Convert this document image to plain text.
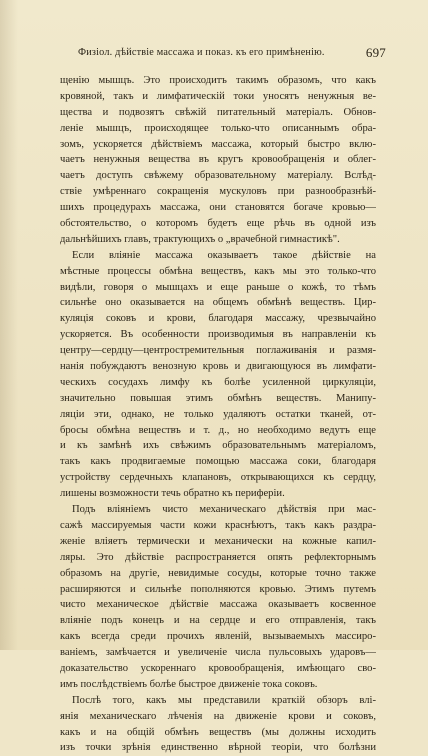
Физіол. дѣйствіе массажа и показ. къ его примѣненію.	697
щенію мышцъ. Это происходитъ такимъ образомъ, что какъ
кровяной, такъ и лимфатическій токи уносятъ ненужныя ве-
щества и подвозятъ свѣжій питательный матеріалъ. Обнов-
леніе мышцъ, происходящее только-что описаннымъ обра-
зомъ, ускоряется дѣйствіемъ массажа, который быстро вклю-
чаетъ ненужныя вещества въ кругъ кровообращенія и облег-
чаетъ доступъ свѣжему образовательному матеріалу. Вслѣд-
ствіе умѣреннаго сокращенія мускуловъ при разнообразнѣй-
шихъ процедурахъ массажа, они становятся богаче кровью—
обстоятельство, о которомъ будетъ еще рѣчь въ одной изъ
дальнѣйшихъ главъ, трактующихъ о „врачебной гимнастикѣ".
Если вліяніе массажа оказываетъ такое дѣйствіе на
мѣстные процессы обмѣна веществъ, какъ мы это только-что
видѣли, говоря о мышцахъ и еще раньше о кожѣ, то тѣмъ
сильнѣе оно оказывается на общемъ обмѣнѣ веществъ. Цир-
куляція соковъ и крови, благодаря массажу, чрезвычайно
ускоряется. Въ особенности производимыя въ направленіи къ
центру—сердцу—центростремительныя поглаживанія и размя-
нанія побуждаютъ венозную кровь и двигающуюся въ лимфати-
ческихъ сосудахъ лимфу къ болѣе усиленной циркуляціи,
значительно повышая этимъ обмѣнъ веществъ. Манипу-
ляціи эти, однако, не только удаляютъ остатки тканей, от-
бросы обмѣна веществъ и т. д., но необходимо ведутъ еще
и къ замѣнѣ ихъ свѣжимъ образовательнымъ матеріаломъ,
такъ какъ продвигаемые помощью массажа соки, благодаря
устройству сердечныхъ клапановъ, открывающихся къ сердцу,
лишены возможности течь обратно къ периферіи.
Подъ вліяніемъ чисто механическаго дѣйствія при мас-
сажѣ массируемыя части кожи краснѣютъ, такъ какъ раздра-
женіе вліяетъ термически и механически на кожные капил-
ляры. Это дѣйствіе распространяется опять рефлекторнымъ
образомъ на другіе, невидимые сосуды, которые точно также
расширяются и сильнѣе пополняются кровью. Этимъ путемъ
чисто механическое дѣйствіе массажа оказываетъ косвенное
вліяніе подъ конецъ и на сердце и его отправленія, такъ
какъ всегда среди прочихъ явленій, вызываемыхъ массиро-
ваніемъ, замѣчается и увеличеніе числа пульсовыхъ ударовъ—
доказательство ускореннаго кровообращенія, имѣющаго сво-
имъ послѣдствіемъ болѣе быстрое движеніе тока соковъ.
Послѣ того, какъ мы представили краткій обзоръ влі-
янія механическаго лѣченія на движеніе крови и соковъ,
какъ и на общій обмѣнъ веществъ (мы должны исходить
изъ точки зрѣнія единственно вѣрной теоріи, что болѣзни
